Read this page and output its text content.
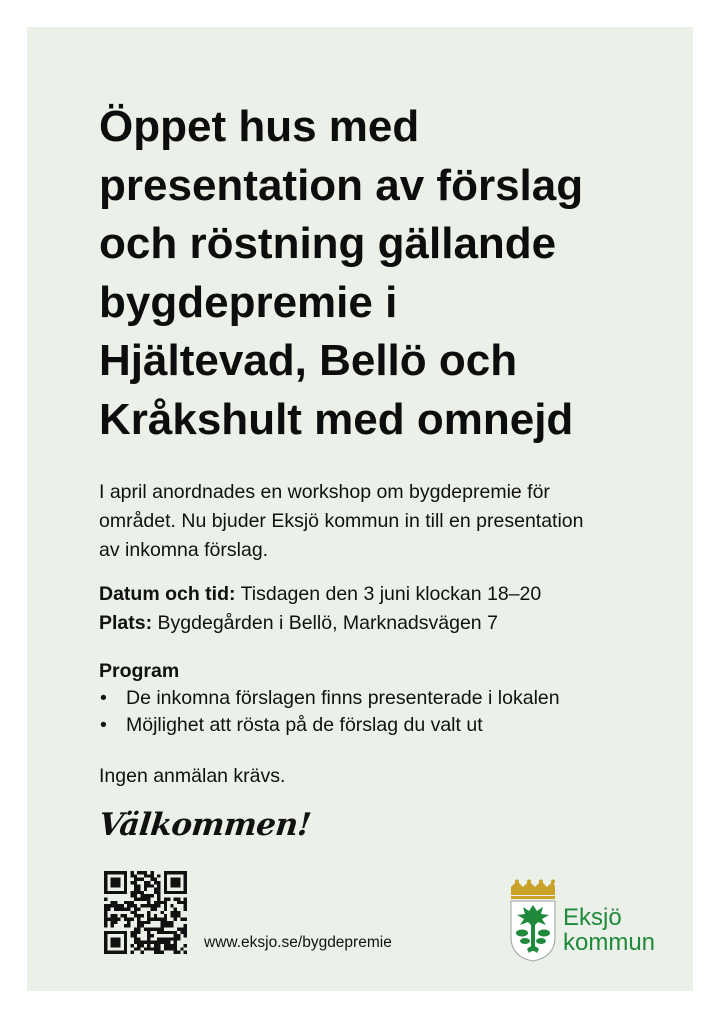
Öppet hus med
presentation av förslag
och röstning gällande
bygdepremie i
Hjältevad, Bellö och
Kråkshult med omnejd

I april anordnades en workshop om bygdepremie för
området. Nu bjuder Eksjö kommun in till en presentation
av inkomna förslag.

Datum och tid: Tisdagen den 3 juni klockan 18–20
Plats: Bygdegården i Bellö, Marknadsvägen 7
Program
• De inkomna förslagen finns presenterade i lokalen
• Möjlighet att rösta på de förslag du valt ut
Ingen anmälan krävs.
Välkommen!
www.eksjo.se/bygdepremie
Eksjö
kommun
